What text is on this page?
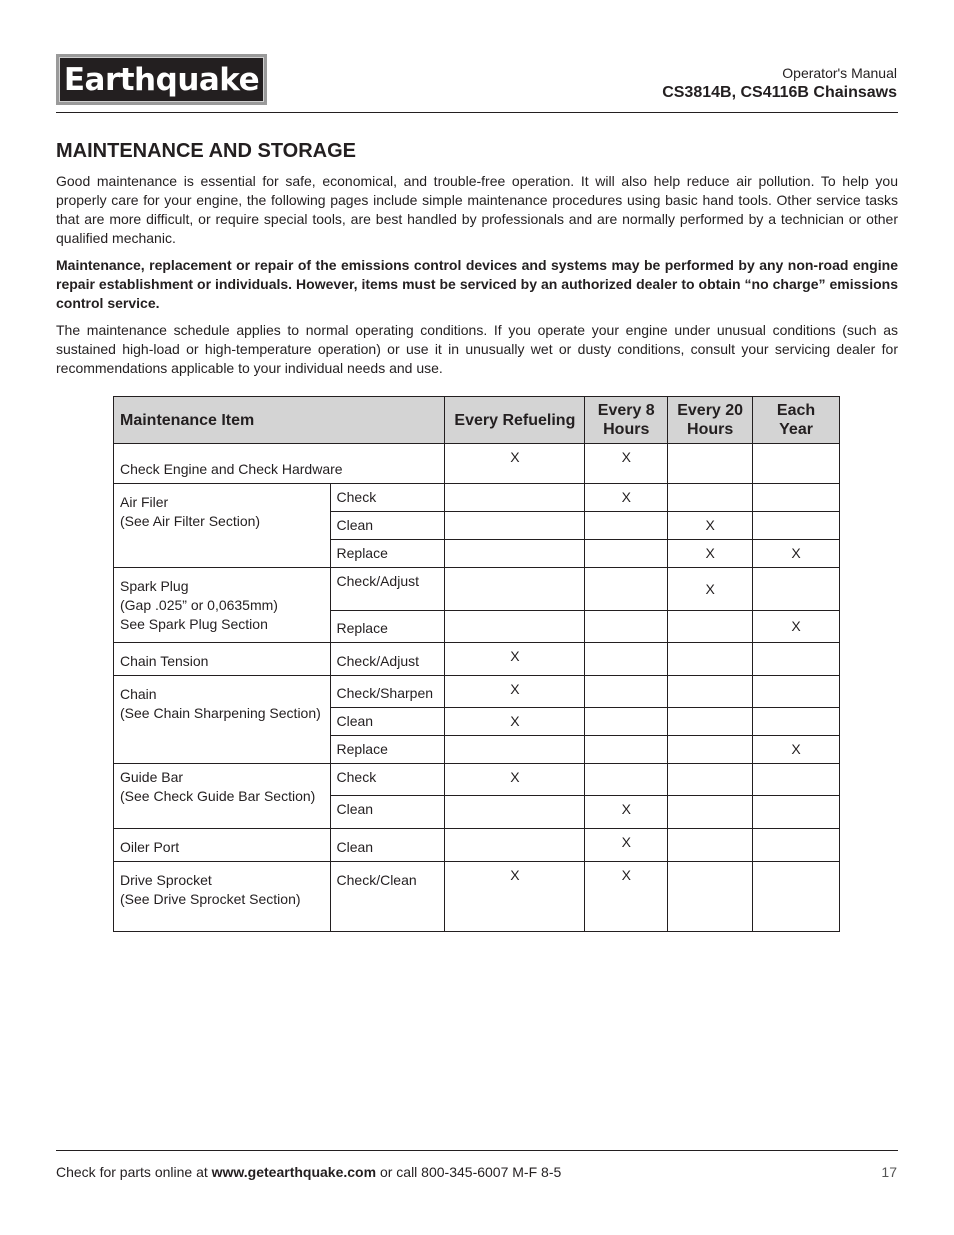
Earthquake	Operator's Manual
CS3814B, CS4116B Chainsaws
MAINTENANCE AND STORAGE

Good maintenance is essential for safe, economical, and trouble-free operation. It will also help reduce air pollution. To help you properly care for your engine, the following pages include simple maintenance procedures using basic hand tools. Other service tasks that are more difficult, or require special tools, are best handled by professionals and are normally performed by a technician or other qualified mechanic.

Maintenance, replacement or repair of the emissions control devices and systems may be performed by any non-road engine repair establishment or individuals. However, items must be serviced by an authorized dealer to obtain “no charge” emissions control service.

The maintenance schedule applies to normal operating conditions. If you operate your engine under unusual conditions (such as sustained high-load or high-temperature operation) or use it in unusually wet or dusty conditions, consult your servicing dealer for recommendations applicable to your individual needs and use.

Maintenance Item		Every Refueling	Every 8 Hours	Every 20 Hours	Each Year
Check Engine and Check Hardware		X	X		

Air Filer
(See Air Filter Section)	Check		X		
	Clean			X	
	Replace			X	X

Spark Plug
(Gap .025” or 0,0635mm)
See Spark Plug Section	Check/Adjust			X	
	Replace				X
Chain Tension	Check/Adjust	X			

Chain
(See Chain Sharpening Section)	Check/Sharpen	X			
	Clean	X			
	Replace				X

Guide Bar
(See Check Guide Bar Section)	Check	X			
	Clean		X		
Oiler Port	Clean		X		

Drive Sprocket
(See Drive Sprocket Section)	Check/Clean	X	X		
Check for parts online at www.getearthquake.com or call 800-345-6007 M-F 8-5	17
